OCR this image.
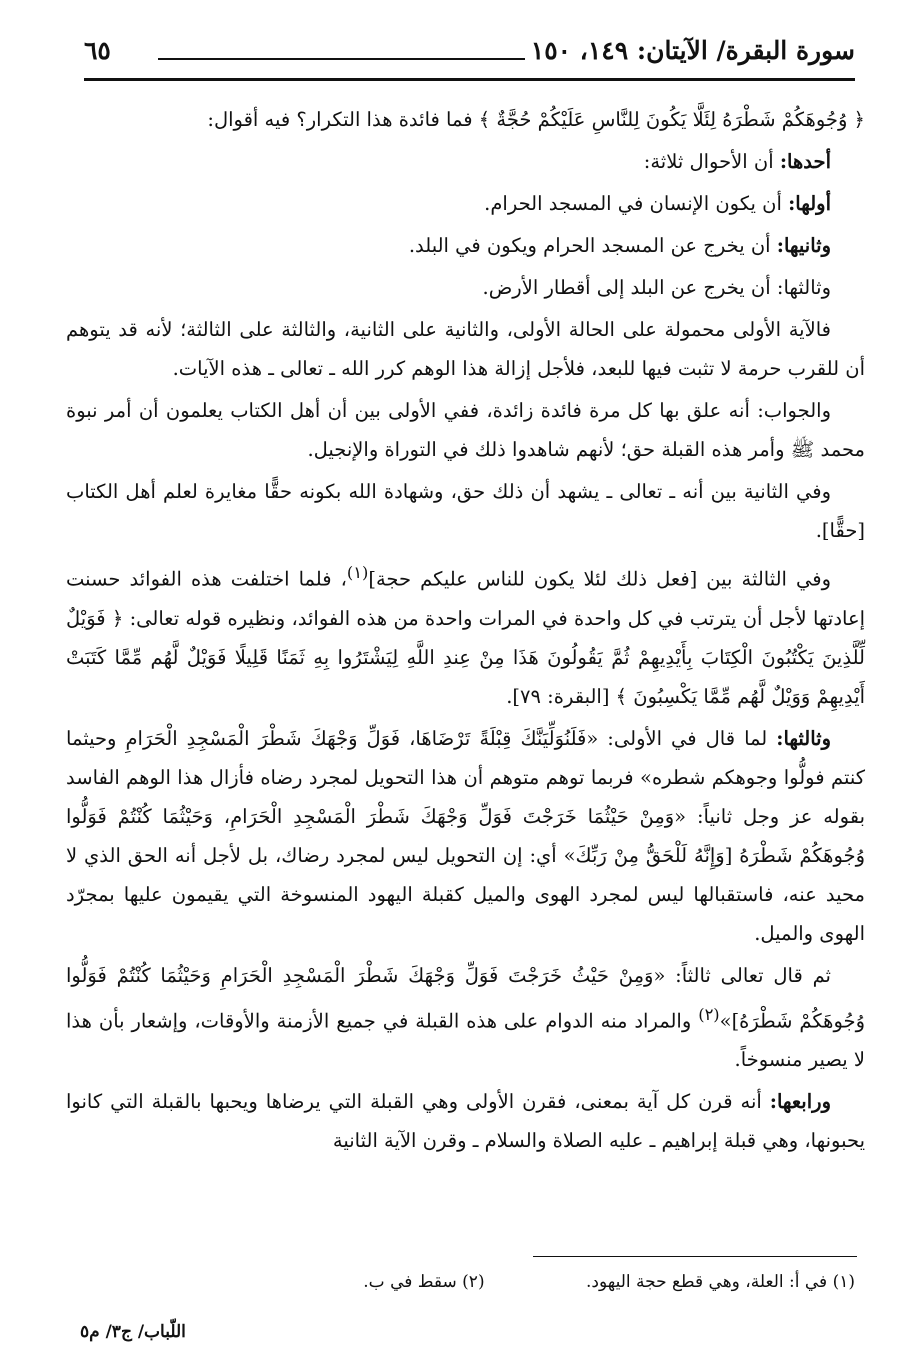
سورة البقرة/ الآيتان: ١٤٩، ١٥٠
٦٥

﴿ وُجُوهَكُمْ شَطْرَهُ لِئَلَّا يَكُونَ لِلنَّاسِ عَلَيْكُمْ حُجَّةٌ ﴾ فما فائدة هذا التكرار؟ فيه أقوال:

أحدها: أن الأحوال ثلاثة:

أولها: أن يكون الإنسان في المسجد الحرام.

وثانيها: أن يخرج عن المسجد الحرام ويكون في البلد.

وثالثها: أن يخرج عن البلد إلى أقطار الأرض.

فالآية الأولى محمولة على الحالة الأولى، والثانية على الثانية، والثالثة على الثالثة؛ لأنه قد يتوهم أن للقرب حرمة لا تثبت فيها للبعد، فلأجل إزالة هذا الوهم كرر الله ـ تعالى ـ هذه الآيات.

والجواب: أنه علق بها كل مرة فائدة زائدة، ففي الأولى بين أن أهل الكتاب يعلمون أن أمر نبوة محمد ﷺ وأمر هذه القبلة حق؛ لأنهم شاهدوا ذلك في التوراة والإنجيل.

وفي الثانية بين أنه ـ تعالى ـ يشهد أن ذلك حق، وشهادة الله بكونه حقًّا مغايرة لعلم أهل الكتاب [حقًّا].

وفي الثالثة بين [فعل ذلك لئلا يكون للناس عليكم حجة]$^{(١)}$، فلما اختلفت هذه الفوائد حسنت إعادتها لأجل أن يترتب في كل واحدة في المرات واحدة من هذه الفوائد، ونظيره قوله تعالى: ﴿ فَوَيْلٌ لِّلَّذِينَ يَكْتُبُونَ الْكِتَابَ بِأَيْدِيهِمْ ثُمَّ يَقُولُونَ هَذَا مِنْ عِندِ اللَّهِ لِيَشْتَرُوا بِهِ ثَمَنًا قَلِيلًا فَوَيْلٌ لَّهُم مِّمَّا كَتَبَتْ أَيْدِيهِمْ وَوَيْلٌ لَّهُم مِّمَّا يَكْسِبُونَ ﴾ [البقرة: ٧٩].

وثالثها: لما قال في الأولى: «فَلَنُوَلِّيَنَّكَ قِبْلَةً تَرْضَاهَا، فَوَلِّ وَجْهَكَ شَطْرَ الْمَسْجِدِ الْحَرَامِ وحيثما كنتم فولُّوا وجوهكم شطره» فربما توهم متوهم أن هذا التحويل لمجرد رضاه فأزال هذا الوهم الفاسد بقوله عز وجل ثانياً: «وَمِنْ حَيْثُمَا خَرَجْتَ فَوَلِّ وَجْهَكَ شَطْرَ الْمَسْجِدِ الْحَرَامِ، وَحَيْثُمَا كُنْتُمْ فَوَلُّوا وُجُوهَكُمْ شَطْرَهُ [وَإِنَّهُ لَلْحَقُّ مِنْ رَبِّكَ» أي: إن التحويل ليس لمجرد رضاك، بل لأجل أنه الحق الذي لا محيد عنه، فاستقبالها ليس لمجرد الهوى والميل كقبلة اليهود المنسوخة التي يقيمون عليها بمجرّد الهوى والميل.

ثم قال تعالى ثالثاً: «وَمِنْ حَيْثُ خَرَجْتَ فَوَلِّ وَجْهَكَ شَطْرَ الْمَسْجِدِ الْحَرَامِ وَحَيْثُمَا كُنْتُمْ فَوَلُّوا وُجُوهَكُمْ شَطْرَهُ]»$^{(٢)}$ والمراد منه الدوام على هذه القبلة في جميع الأزمنة والأوقات، وإشعار بأن هذا لا يصير منسوخاً.

ورابعها: أنه قرن كل آية بمعنى، فقرن الأولى وهي القبلة التي يرضاها ويحبها بالقبلة التي كانوا يحبونها، وهي قبلة إبراهيم ـ عليه الصلاة والسلام ـ وقرن الآية الثانية

(١) في أ: العلة، وهي قطع حجة اليهود. (٢) سقط في ب.
اللّباب/ ج٣/ م٥
